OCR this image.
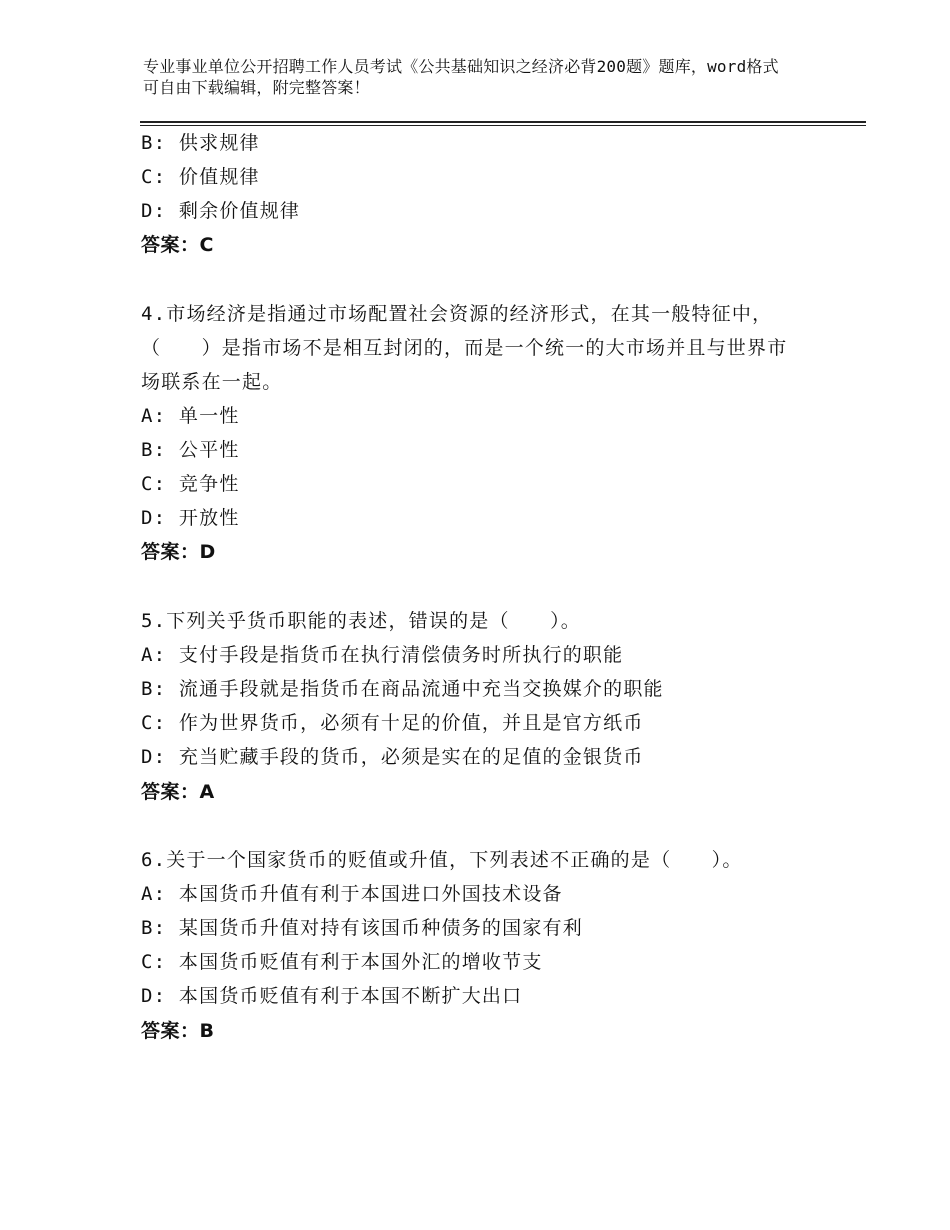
专业事业单位公开招聘工作人员考试《公共基础知识之经济必背200题》题库，word格式可自由下载编辑，附完整答案！
B: 供求规律
C: 价值规律
D: 剩余价值规律
答案：C
4.市场经济是指通过市场配置社会资源的经济形式，在其一般特征中，（　　）是指市场不是相互封闭的，而是一个统一的大市场并且与世界市场联系在一起。
A: 单一性
B: 公平性
C: 竞争性
D: 开放性
答案：D
5.下列关乎货币职能的表述，错误的是（　　）。
A: 支付手段是指货币在执行清偿债务时所执行的职能
B: 流通手段就是指货币在商品流通中充当交换媒介的职能
C: 作为世界货币，必须有十足的价值，并且是官方纸币
D: 充当贮藏手段的货币，必须是实在的足值的金银货币
答案：A
6.关于一个国家货币的贬值或升值，下列表述不正确的是（　　）。
A: 本国货币升值有利于本国进口外国技术设备
B: 某国货币升值对持有该国币种债务的国家有利
C: 本国货币贬值有利于本国外汇的增收节支
D: 本国货币贬值有利于本国不断扩大出口
答案：B
